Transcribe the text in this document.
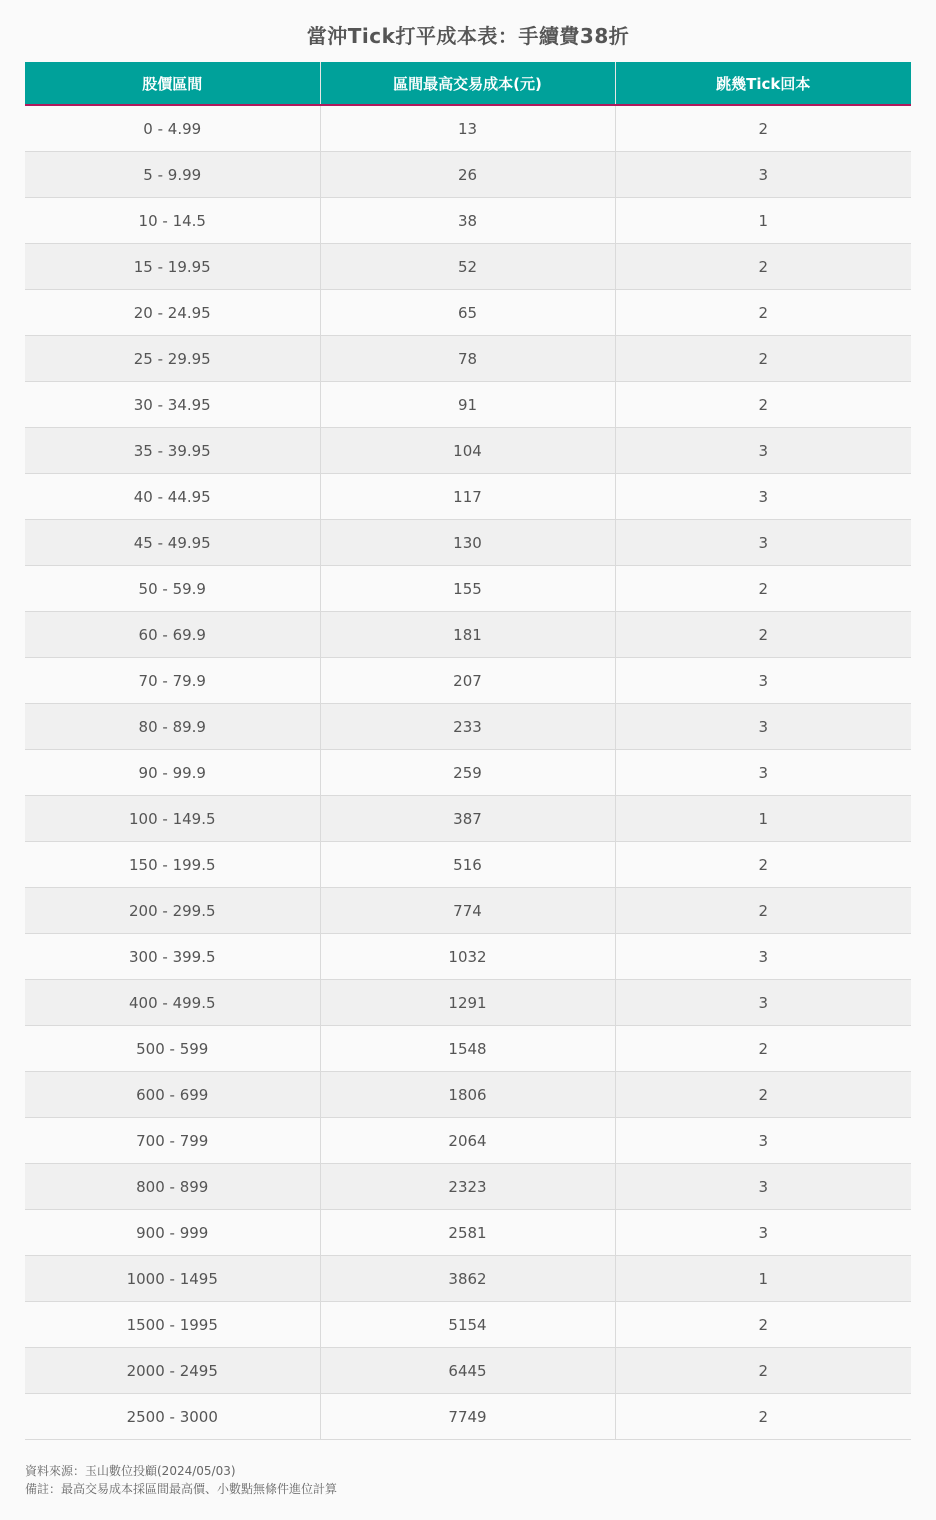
當沖Tick打平成本表：手續費38折
股價區間	區間最高交易成本(元)	跳幾Tick回本
0 - 4.99	13	2
5 - 9.99	26	3
10 - 14.5	38	1
15 - 19.95	52	2
20 - 24.95	65	2
25 - 29.95	78	2
30 - 34.95	91	2
35 - 39.95	104	3
40 - 44.95	117	3
45 - 49.95	130	3
50 - 59.9	155	2
60 - 69.9	181	2
70 - 79.9	207	3
80 - 89.9	233	3
90 - 99.9	259	3
100 - 149.5	387	1
150 - 199.5	516	2
200 - 299.5	774	2
300 - 399.5	1032	3
400 - 499.5	1291	3
500 - 599	1548	2
600 - 699	1806	2
700 - 799	2064	3
800 - 899	2323	3
900 - 999	2581	3
1000 - 1495	3862	1
1500 - 1995	5154	2
2000 - 2495	6445	2
2500 - 3000	7749	2
資料來源：玉山數位投顧(2024/05/03)
備註：最高交易成本採區間最高價、小數點無條件進位計算
